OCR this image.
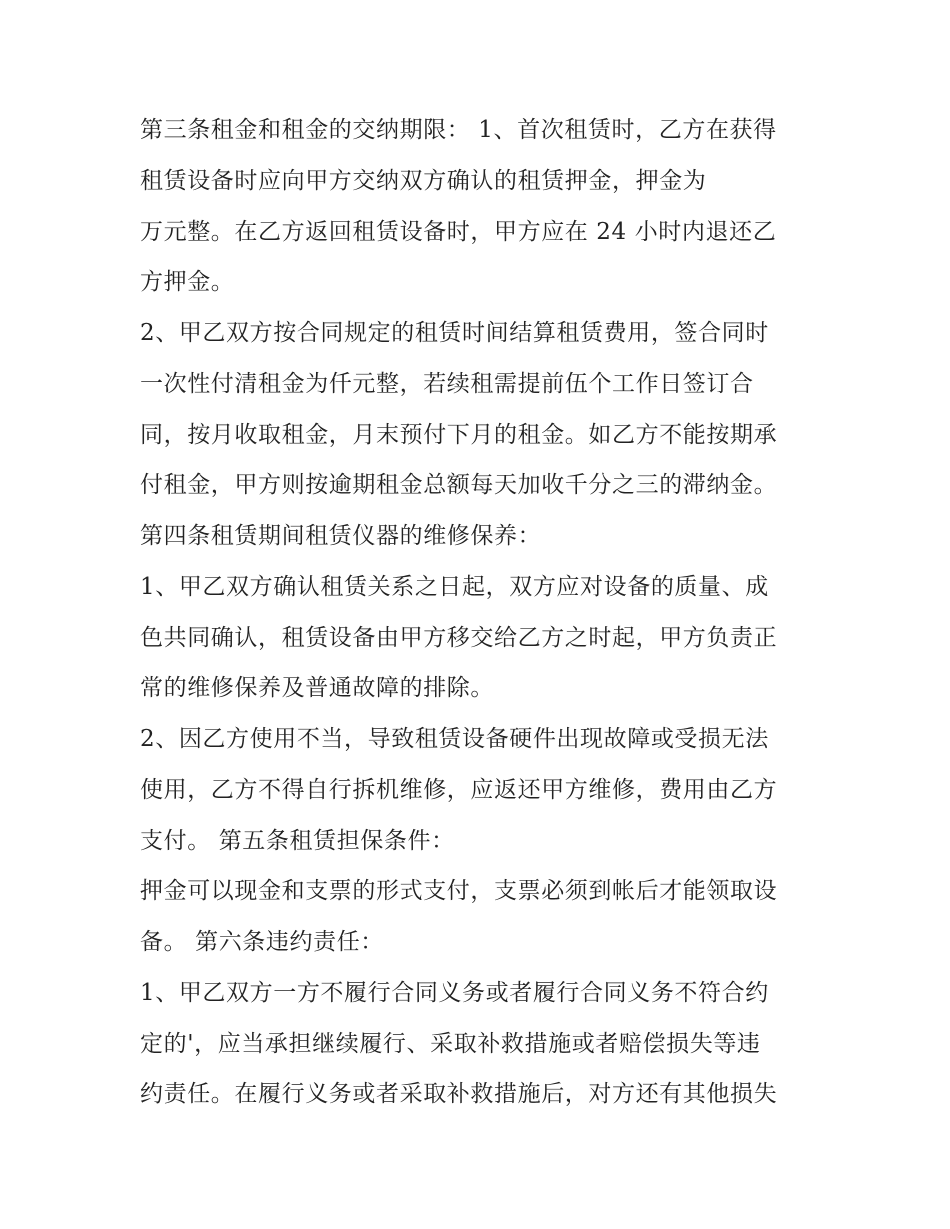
第三条租金和租金的交纳期限： 1、首次租赁时，乙方在获得
租赁设备时应向甲方交纳双方确认的租赁押金，押金为
万元整。在乙方返回租赁设备时，甲方应在 24 小时内退还乙
方押金。
2、甲乙双方按合同规定的租赁时间结算租赁费用，签合同时
一次性付清租金为仟元整，若续租需提前伍个工作日签订合
同，按月收取租金，月末预付下月的租金。如乙方不能按期承
付租金，甲方则按逾期租金总额每天加收千分之三的滞纳金。
第四条租赁期间租赁仪器的维修保养：
1、甲乙双方确认租赁关系之日起，双方应对设备的质量、成
色共同确认，租赁设备由甲方移交给乙方之时起，甲方负责正
常的维修保养及普通故障的排除。
2、因乙方使用不当，导致租赁设备硬件出现故障或受损无法
使用，乙方不得自行拆机维修，应返还甲方维修，费用由乙方
支付。 第五条租赁担保条件：
押金可以现金和支票的形式支付，支票必须到帐后才能领取设
备。 第六条违约责任：
1、甲乙双方一方不履行合同义务或者履行合同义务不符合约
定的'，应当承担继续履行、采取补救措施或者赔偿损失等违
约责任。在履行义务或者采取补救措施后，对方还有其他损失
